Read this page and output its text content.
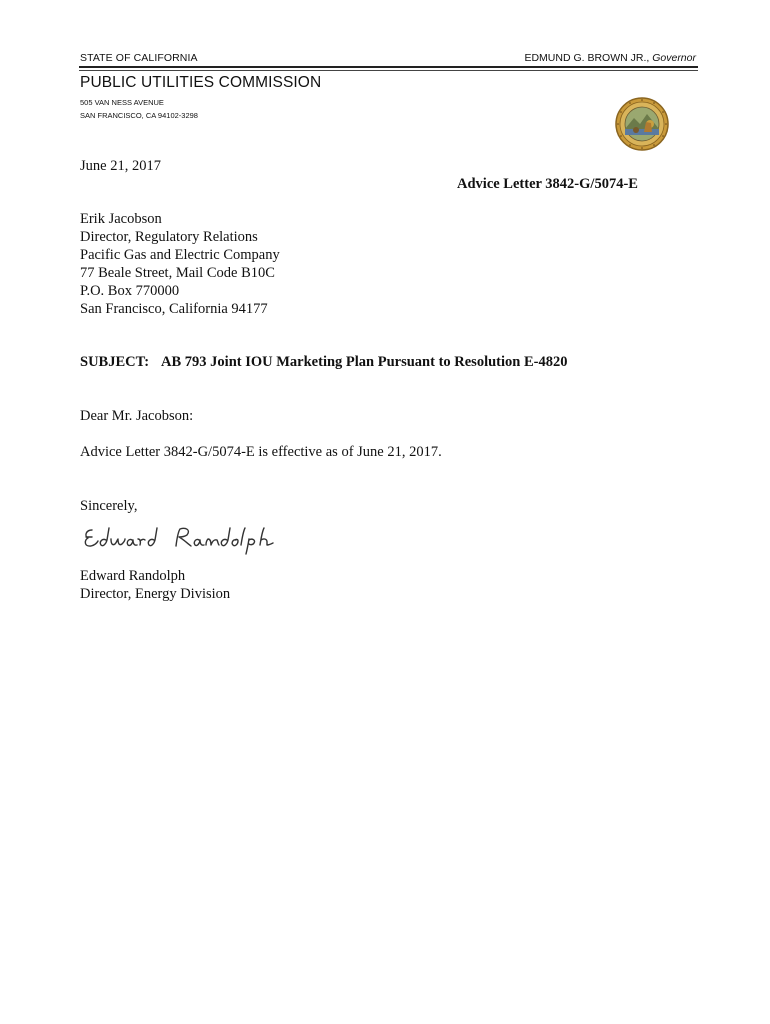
STATE OF CALIFORNIA	EDMUND G. BROWN JR., Governor
PUBLIC UTILITIES COMMISSION
505 VAN NESS AVENUE
SAN FRANCISCO, CA 94102-3298
June 21, 2017
Advice Letter 3842-G/5074-E
Erik Jacobson
Director, Regulatory Relations
Pacific Gas and Electric Company
77 Beale Street, Mail Code B10C
P.O. Box 770000
San Francisco, California 94177
SUBJECT: AB 793 Joint IOU Marketing Plan Pursuant to Resolution E-4820
Dear Mr. Jacobson:
Advice Letter 3842-G/5074-E is effective as of June 21, 2017.
Sincerely,
Edward Randolph
Director, Energy Division
